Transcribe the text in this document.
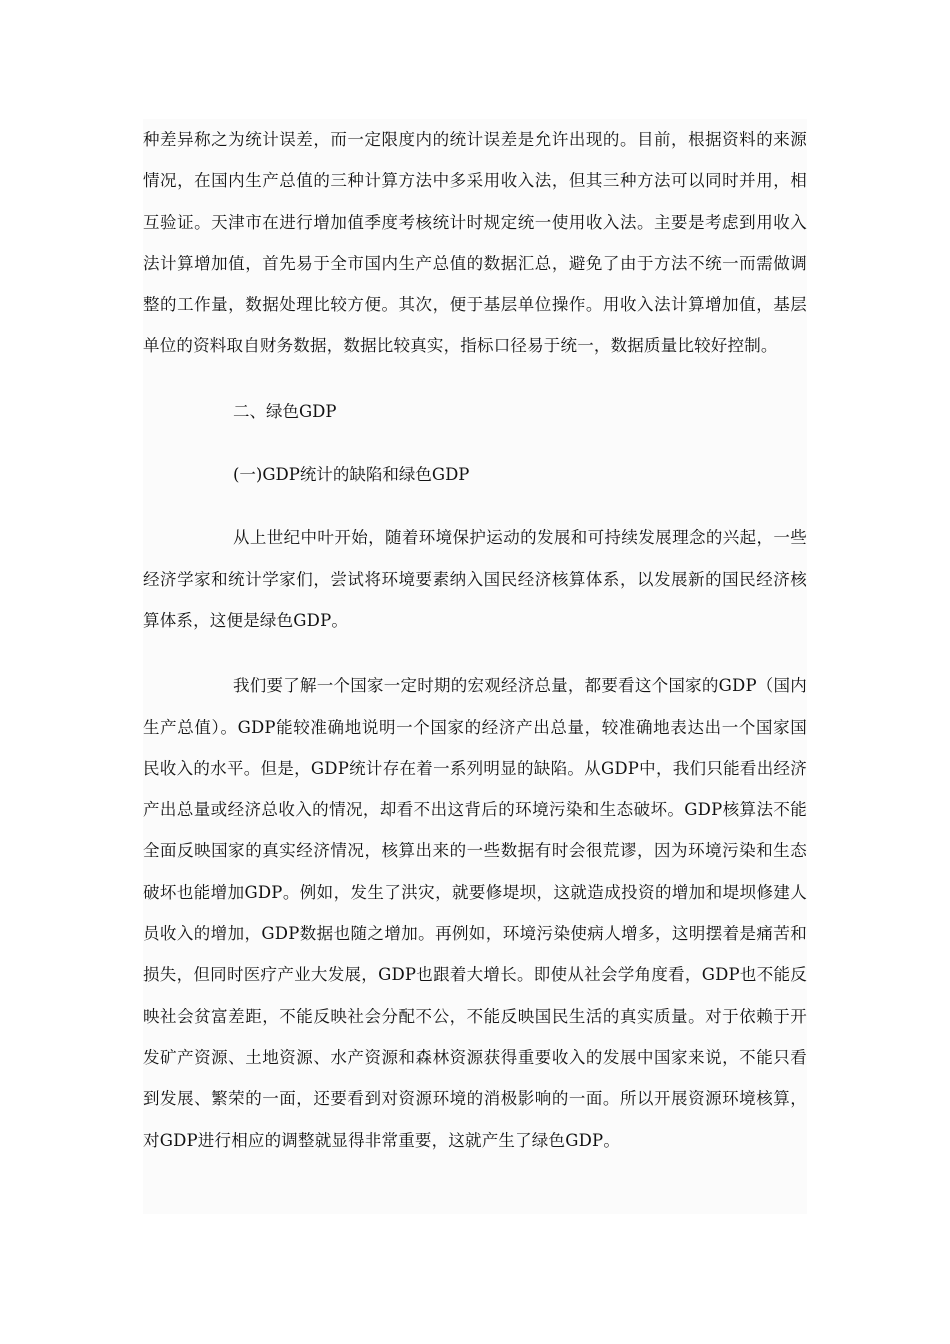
种差异称之为统计误差，而一定限度内的统计误差是允许出现的。目前，根据资料的来源情况，在国内生产总值的三种计算方法中多采用收入法，但其三种方法可以同时并用，相互验证。天津市在进行增加值季度考核统计时规定统一使用收入法。主要是考虑到用收入法计算增加值，首先易于全市国内生产总值的数据汇总，避免了由于方法不统一而需做调整的工作量，数据处理比较方便。其次，便于基层单位操作。用收入法计算增加值，基层单位的资料取自财务数据，数据比较真实，指标口径易于统一，数据质量比较好控制。

二、绿色GDP

(一)GDP统计的缺陷和绿色GDP

从上世纪中叶开始，随着环境保护运动的发展和可持续发展理念的兴起，一些经济学家和统计学家们，尝试将环境要素纳入国民经济核算体系，以发展新的国民经济核算体系，这便是绿色GDP。

我们要了解一个国家一定时期的宏观经济总量，都要看这个国家的GDP（国内生产总值）。GDP能较准确地说明一个国家的经济产出总量，较准确地表达出一个国家国民收入的水平。但是，GDP统计存在着一系列明显的缺陷。从GDP中，我们只能看出经济产出总量或经济总收入的情况，却看不出这背后的环境污染和生态破坏。GDP核算法不能全面反映国家的真实经济情况，核算出来的一些数据有时会很荒谬，因为环境污染和生态破坏也能增加GDP。例如，发生了洪灾，就要修堤坝，这就造成投资的增加和堤坝修建人员收入的增加，GDP数据也随之增加。再例如，环境污染使病人增多，这明摆着是痛苦和损失，但同时医疗产业大发展，GDP也跟着大增长。即使从社会学角度看，GDP也不能反映社会贫富差距，不能反映社会分配不公，不能反映国民生活的真实质量。对于依赖于开发矿产资源、土地资源、水产资源和森林资源获得重要收入的发展中国家来说，不能只看到发展、繁荣的一面，还要看到对资源环境的消极影响的一面。所以开展资源环境核算，对GDP进行相应的调整就显得非常重要，这就产生了绿色GDP。
